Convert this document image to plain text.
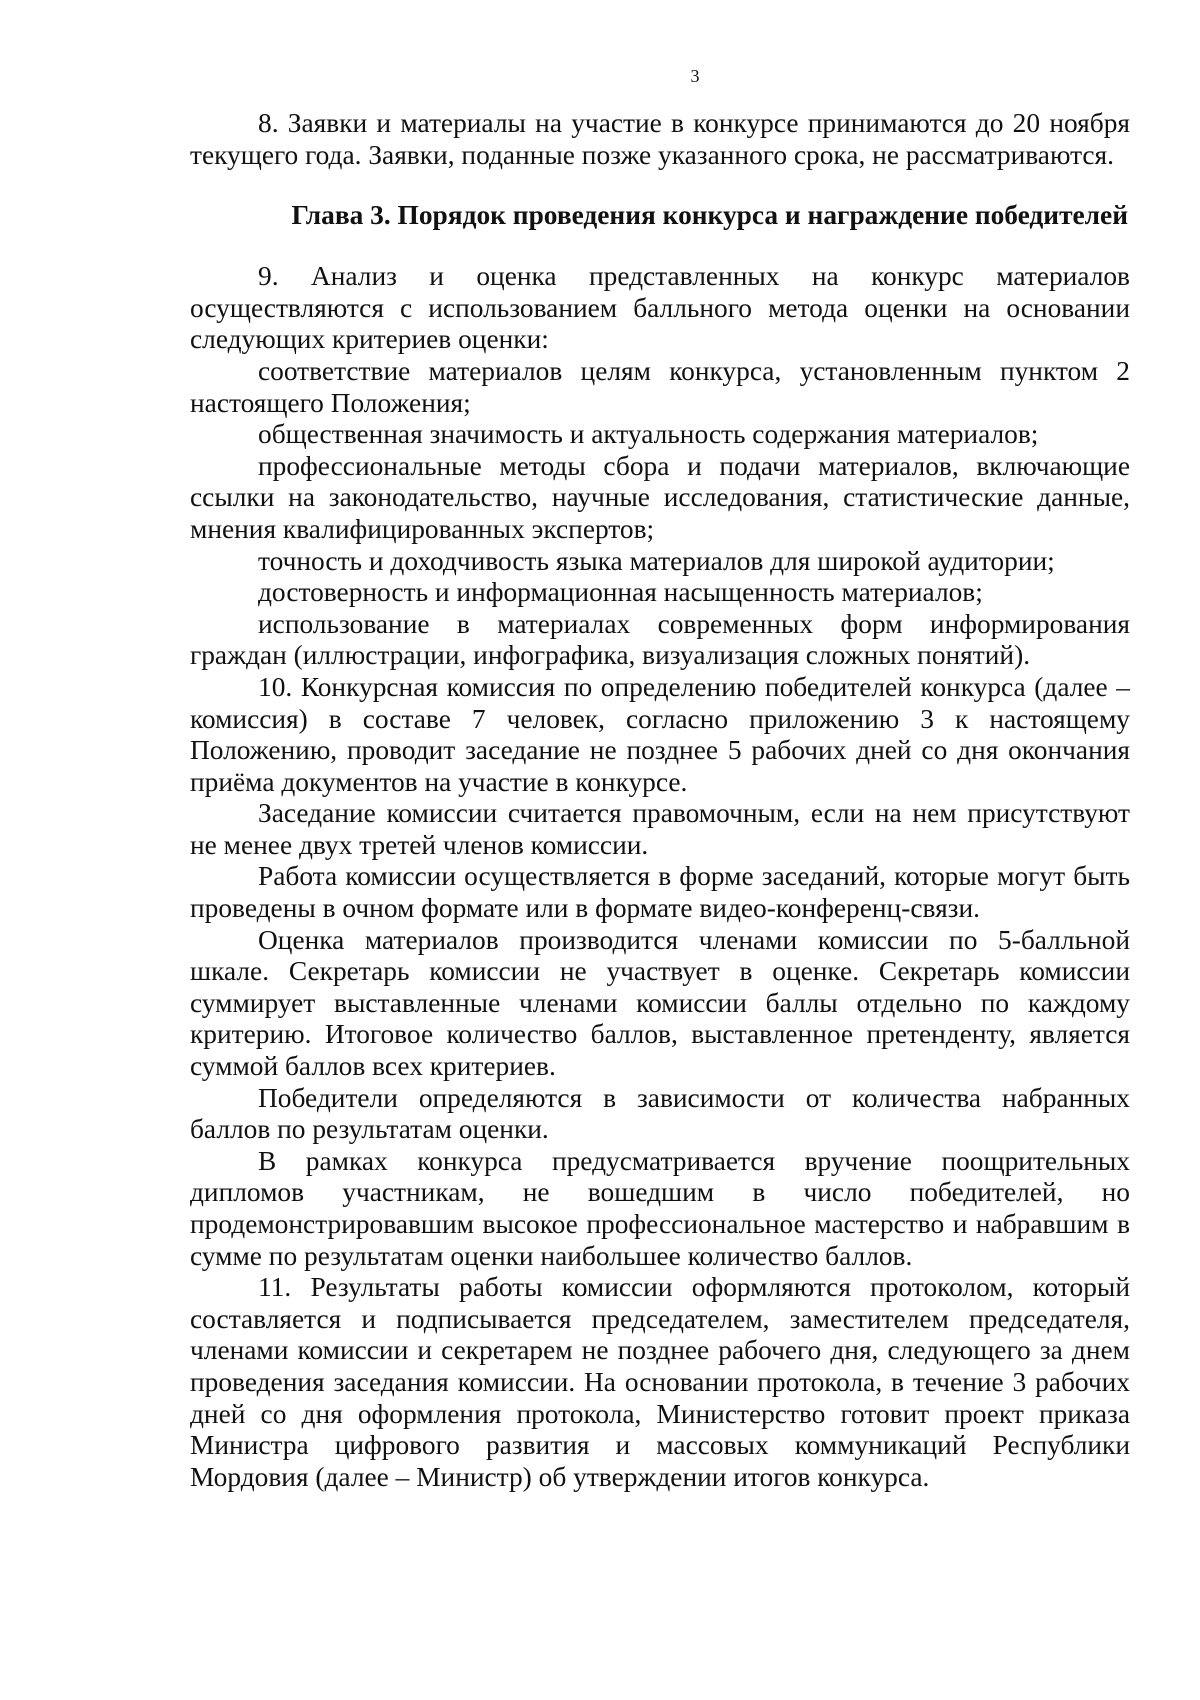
3

8. Заявки и материалы на участие в конкурсе принимаются до 20 ноября текущего года. Заявки, поданные позже указанного срока, не рассматриваются.

Глава 3. Порядок проведения конкурса и награждение победителей

9. Анализ и оценка представленных на конкурс материалов осуществляются с использованием балльного метода оценки на основании следующих критериев оценки:

соответствие материалов целям конкурса, установленным пунктом 2 настоящего Положения;

общественная значимость и актуальность содержания материалов;

профессиональные методы сбора и подачи материалов, включающие ссылки на законодательство, научные исследования, статистические данные, мнения квалифицированных экспертов;

точность и доходчивость языка материалов для широкой аудитории;

достоверность и информационная насыщенность материалов;

использование в материалах современных форм информирования граждан (иллюстрации, инфографика, визуализация сложных понятий).

10. Конкурсная комиссия по определению победителей конкурса (далее – комиссия) в составе 7 человек, согласно приложению 3 к настоящему Положению, проводит заседание не позднее 5 рабочих дней со дня окончания приёма документов на участие в конкурсе.

Заседание комиссии считается правомочным, если на нем присутствуют не менее двух третей членов комиссии.

Работа комиссии осуществляется в форме заседаний, которые могут быть проведены в очном формате или в формате видео-конференц-связи.

Оценка материалов производится членами комиссии по 5-балльной шкале. Секретарь комиссии не участвует в оценке. Секретарь комиссии суммирует выставленные членами комиссии баллы отдельно по каждому критерию. Итоговое количество баллов, выставленное претенденту, является суммой баллов всех критериев.

Победители определяются в зависимости от количества набранных баллов по результатам оценки.

В рамках конкурса предусматривается вручение поощрительных дипломов участникам, не вошедшим в число победителей, но продемонстрировавшим высокое профессиональное мастерство и набравшим в сумме по результатам оценки наибольшее количество баллов.

11. Результаты работы комиссии оформляются протоколом, который составляется и подписывается председателем, заместителем председателя, членами комиссии и секретарем не позднее рабочего дня, следующего за днем проведения заседания комиссии. На основании протокола, в течение 3 рабочих дней со дня оформления протокола, Министерство готовит проект приказа Министра цифрового развития и массовых коммуникаций Республики Мордовия (далее – Министр) об утверждении итогов конкурса.
